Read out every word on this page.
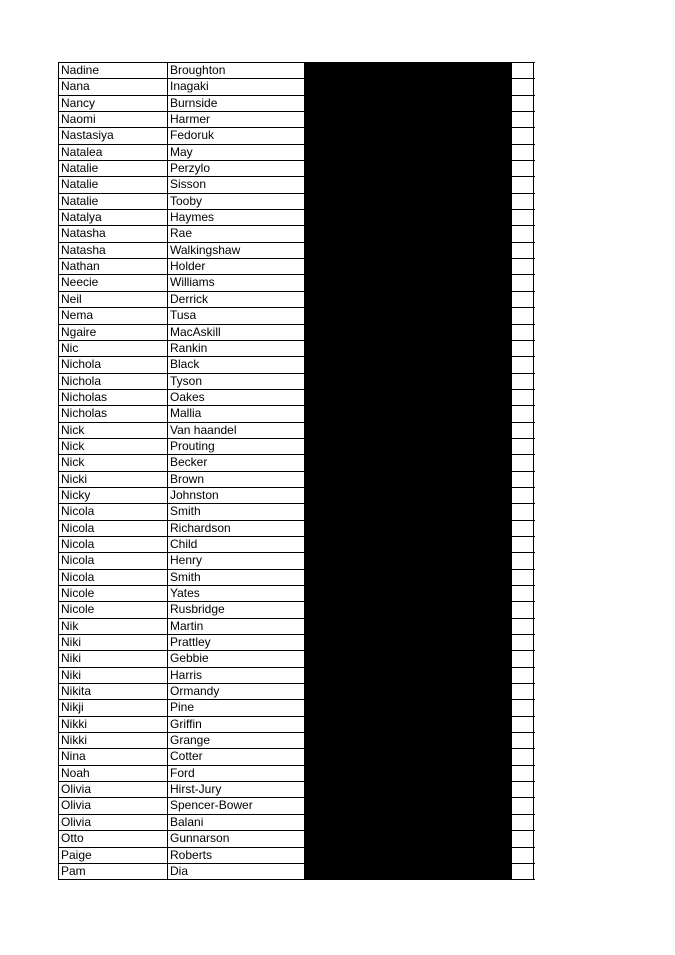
Nadine	Broughton
Nana	Inagaki
Nancy	Burnside
Naomi	Harmer
Nastasiya	Fedoruk
Natalea	May
Natalie	Perzylo
Natalie	Sisson
Natalie	Tooby
Natalya	Haymes
Natasha	Rae
Natasha	Walkingshaw
Nathan	Holder
Neecie	Williams
Neil	Derrick
Nema	Tusa
Ngaire	MacAskill
Nic	Rankin
Nichola	Black
Nichola	Tyson
Nicholas	Oakes
Nicholas	Mallia
Nick	Van haandel
Nick	Prouting
Nick	Becker
Nicki	Brown
Nicky	Johnston
Nicola	Smith
Nicola	Richardson
Nicola	Child
Nicola	Henry
Nicola	Smith
Nicole	Yates
Nicole	Rusbridge
Nik	Martin
Niki	Prattley
Niki	Gebbie
Niki	Harris
Nikita	Ormandy
Nikji	Pine
Nikki	Griffin
Nikki	Grange
Nina	Cotter
Noah	Ford
Olivia	Hirst-Jury
Olivia	Spencer-Bower
Olivia	Balani
Otto	Gunnarson
Paige	Roberts
Pam	Dia
